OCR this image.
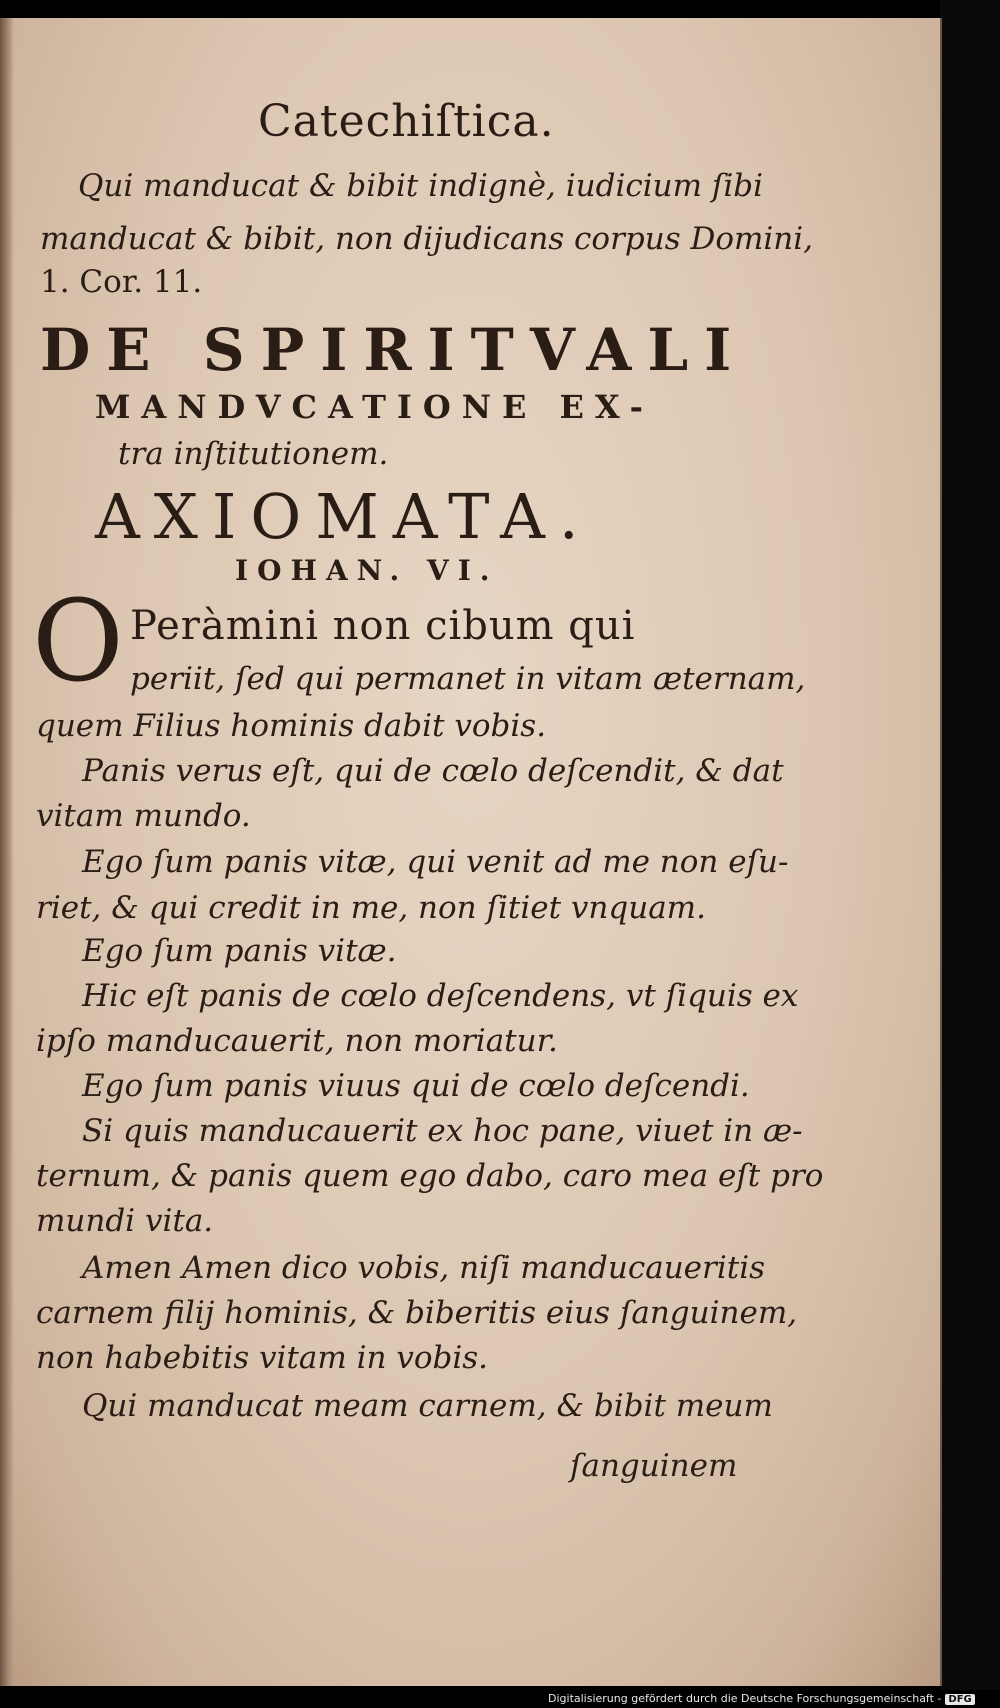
Catechiſtica.
Qui manducat & bibit indignè, iudicium ſibi
manducat & bibit, non dijudicans corpus Domini,
1. Cor. 11.
DE SPIRITVALI
MANDVCATIONE EX-
tra inſtitutionem.
AXIOMATA.
IOHAN. VI.
O Peràmini non cibum qui
periit, ſed qui permanet in vitam æternam,
quem Filius hominis dabit vobis.
Panis verus eſt, qui de cœlo deſcendit, & dat
vitam mundo.
Ego ſum panis vitæ, qui venit ad me non eſu-
riet, & qui credit in me, non ſitiet vnquam.
Ego ſum panis vitæ.
Hic eſt panis de cœlo deſcendens, vt ſiquis ex
ipſo manducauerit, non moriatur.
Ego ſum panis viuus qui de cœlo deſcendi.
Si quis manducauerit ex hoc pane, viuet in æ-
ternum, & panis quem ego dabo, caro mea eſt pro
mundi vita.
Amen Amen dico vobis, niſi manducaueritis
carnem filij hominis, & biberitis eius ſanguinem,
non habebitis vitam in vobis.
Qui manducat meam carnem, & bibit meum
ſanguinem
Digitalisierung gefördert durch die Deutsche Forschungsgemeinschaft - DFG
